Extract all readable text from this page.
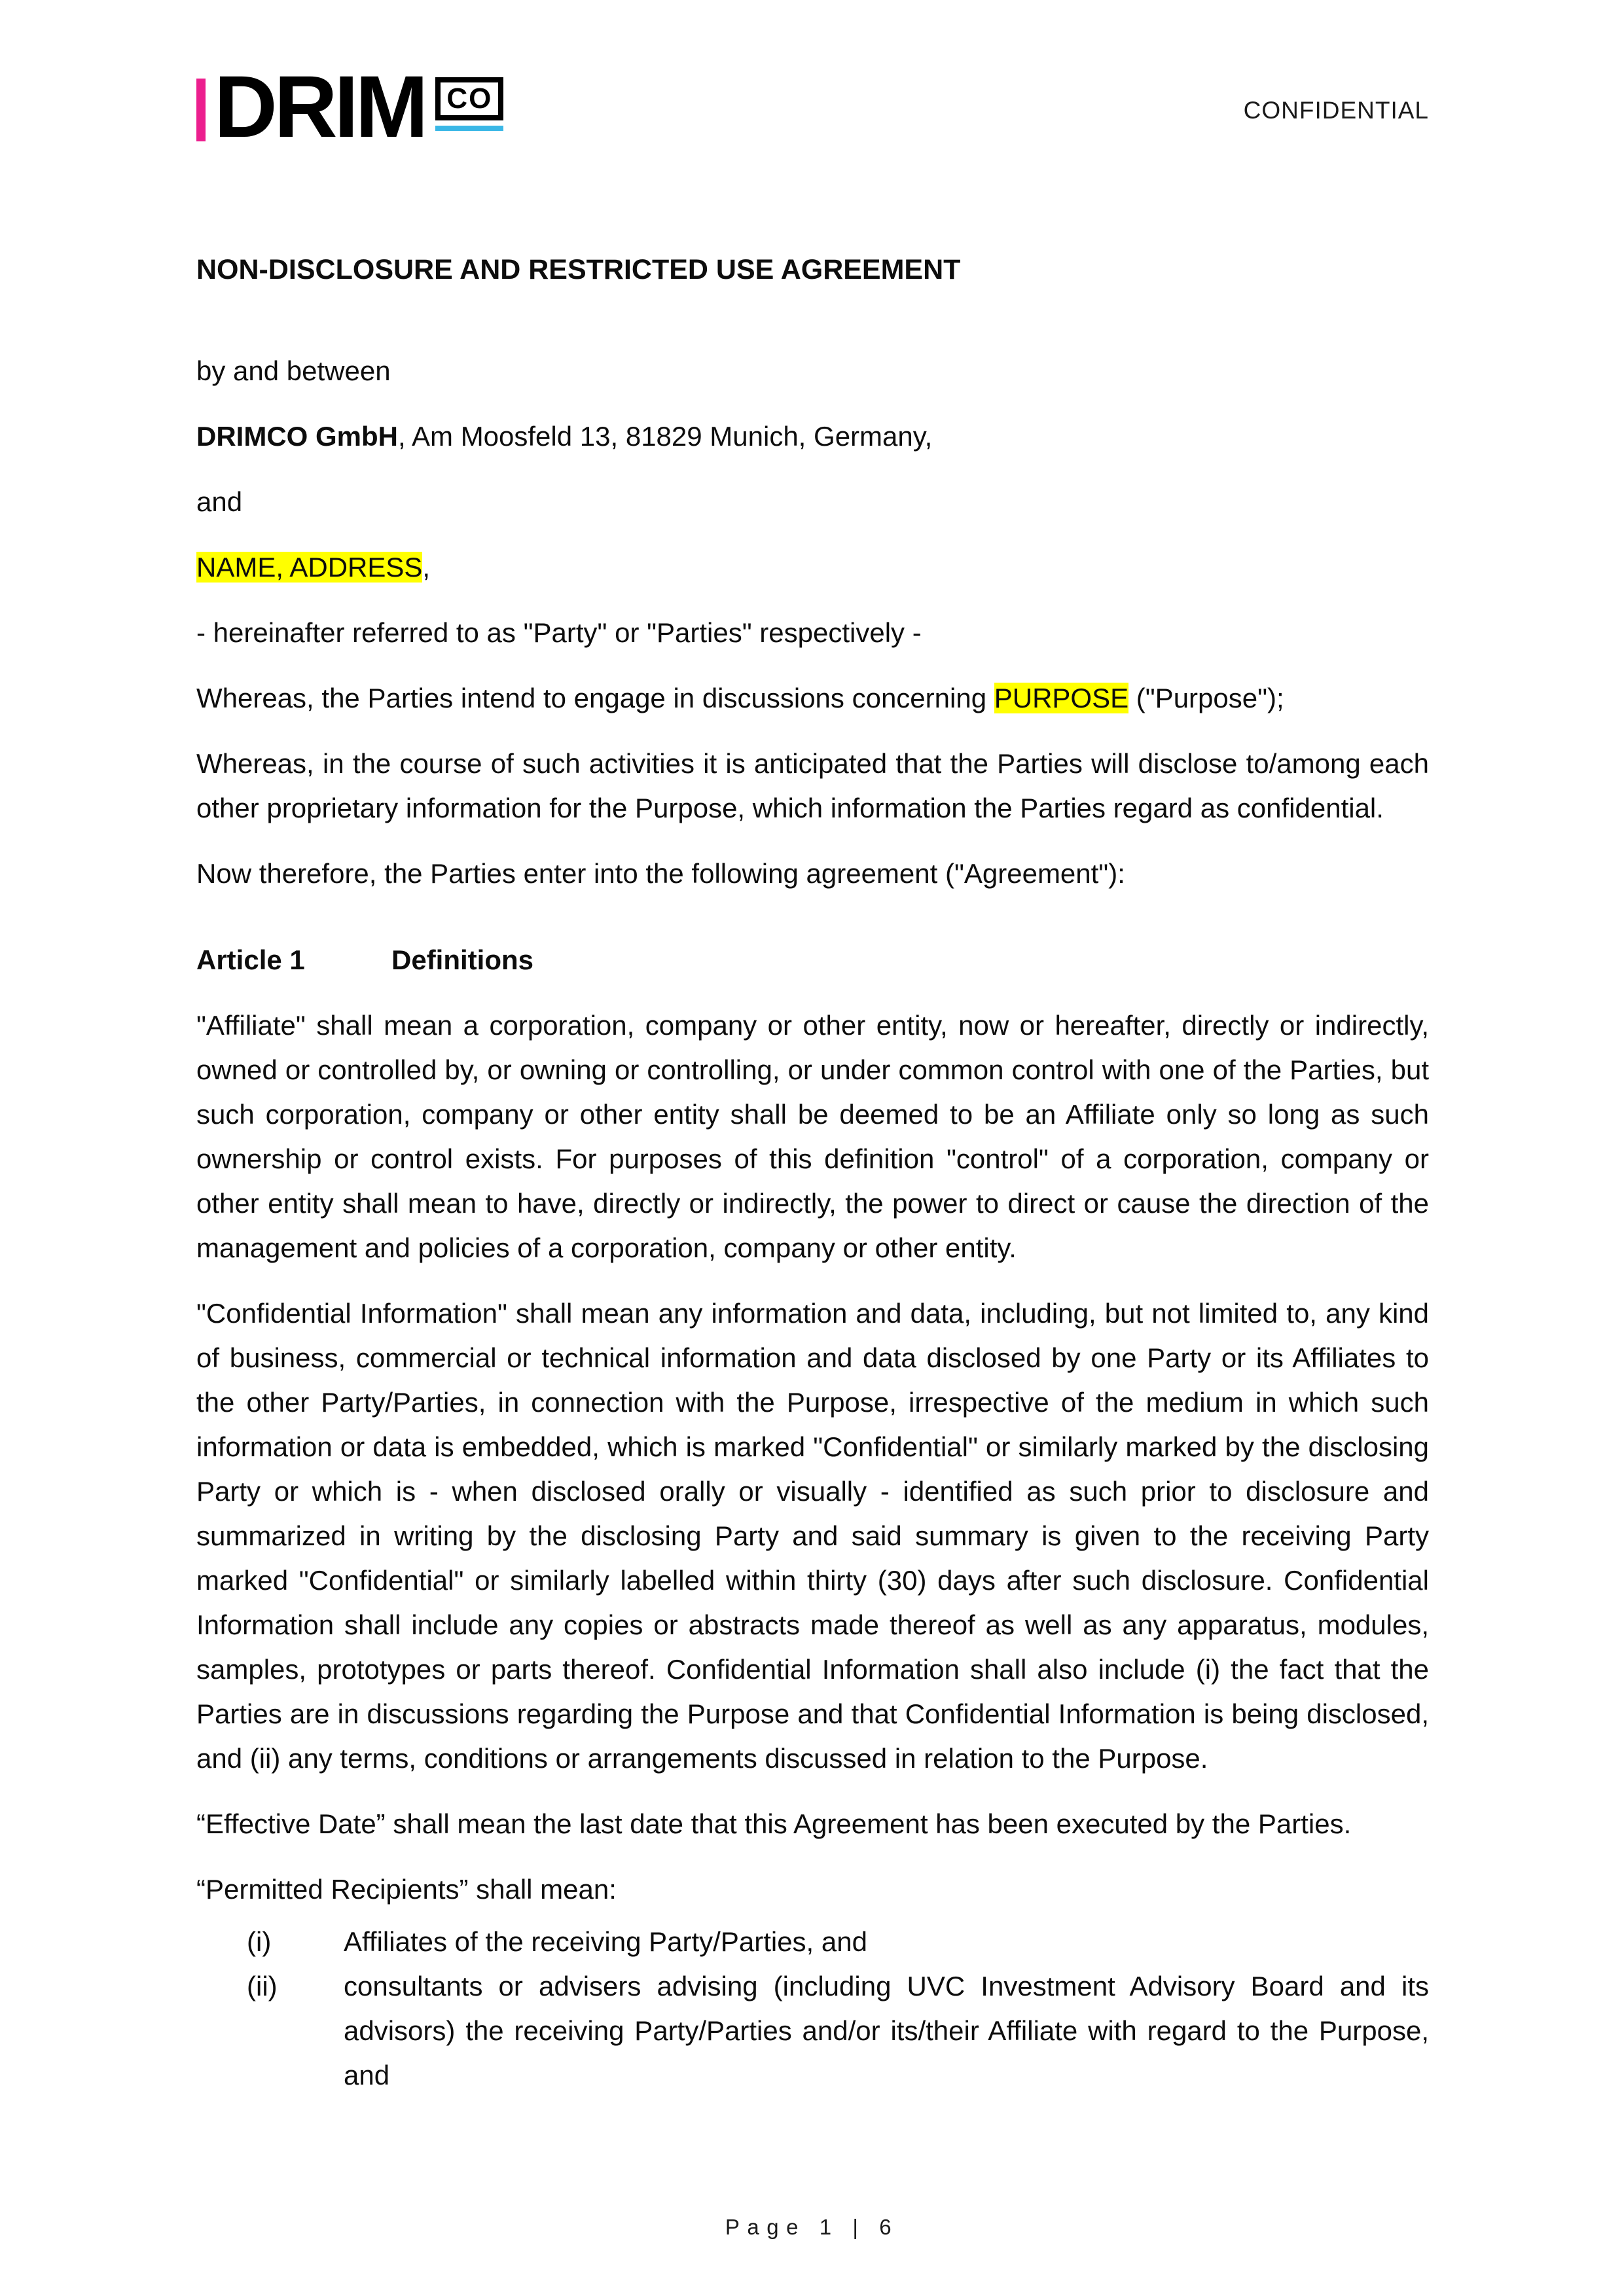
DRIM CO	CONFIDENTIAL
NON-DISCLOSURE AND RESTRICTED USE AGREEMENT

by and between

DRIMCO GmbH, Am Moosfeld 13, 81829 Munich, Germany,

and

NAME, ADDRESS,

- hereinafter referred to as "Party" or "Parties" respectively -

Whereas, the Parties intend to engage in discussions concerning PURPOSE ("Purpose");

Whereas, in the course of such activities it is anticipated that the Parties will disclose to/among each other proprietary information for the Purpose, which information the Parties regard as confidential.

Now therefore, the Parties enter into the following agreement ("Agreement"):

Article 1	Definitions

"Affiliate" shall mean a corporation, company or other entity, now or hereafter, directly or indirectly, owned or controlled by, or owning or controlling, or under common control with one of the Parties, but such corporation, company or other entity shall be deemed to be an Affiliate only so long as such ownership or control exists. For purposes of this definition "control" of a corporation, company or other entity shall mean to have, directly or indirectly, the power to direct or cause the direction of the management and policies of a corporation, company or other entity.

"Confidential Information" shall mean any information and data, including, but not limited to, any kind of business, commercial or technical information and data disclosed by one Party or its Affiliates to the other Party/Parties, in connection with the Purpose, irrespective of the medium in which such information or data is embedded, which is marked "Confidential" or similarly marked by the disclosing Party or which is - when disclosed orally or visually - identified as such prior to disclosure and summarized in writing by the disclosing Party and said summary is given to the receiving Party marked "Confidential" or similarly labelled within thirty (30) days after such disclosure. Confidential Information shall include any copies or abstracts made thereof as well as any apparatus, modules, samples, prototypes or parts thereof. Confidential Information shall also include (i) the fact that the Parties are in discussions regarding the Purpose and that Confidential Information is being disclosed, and (ii) any terms, conditions or arrangements discussed in relation to the Purpose.

“Effective Date” shall mean the last date that this Agreement has been executed by the Parties.

“Permitted Recipients” shall mean:

(i)	Affiliates of the receiving Party/Parties, and
(ii)	consultants or advisers advising (including UVC Investment Advisory Board and its advisors) the receiving Party/Parties and/or its/their Affiliate with regard to the Purpose, and
Page 1 | 6
